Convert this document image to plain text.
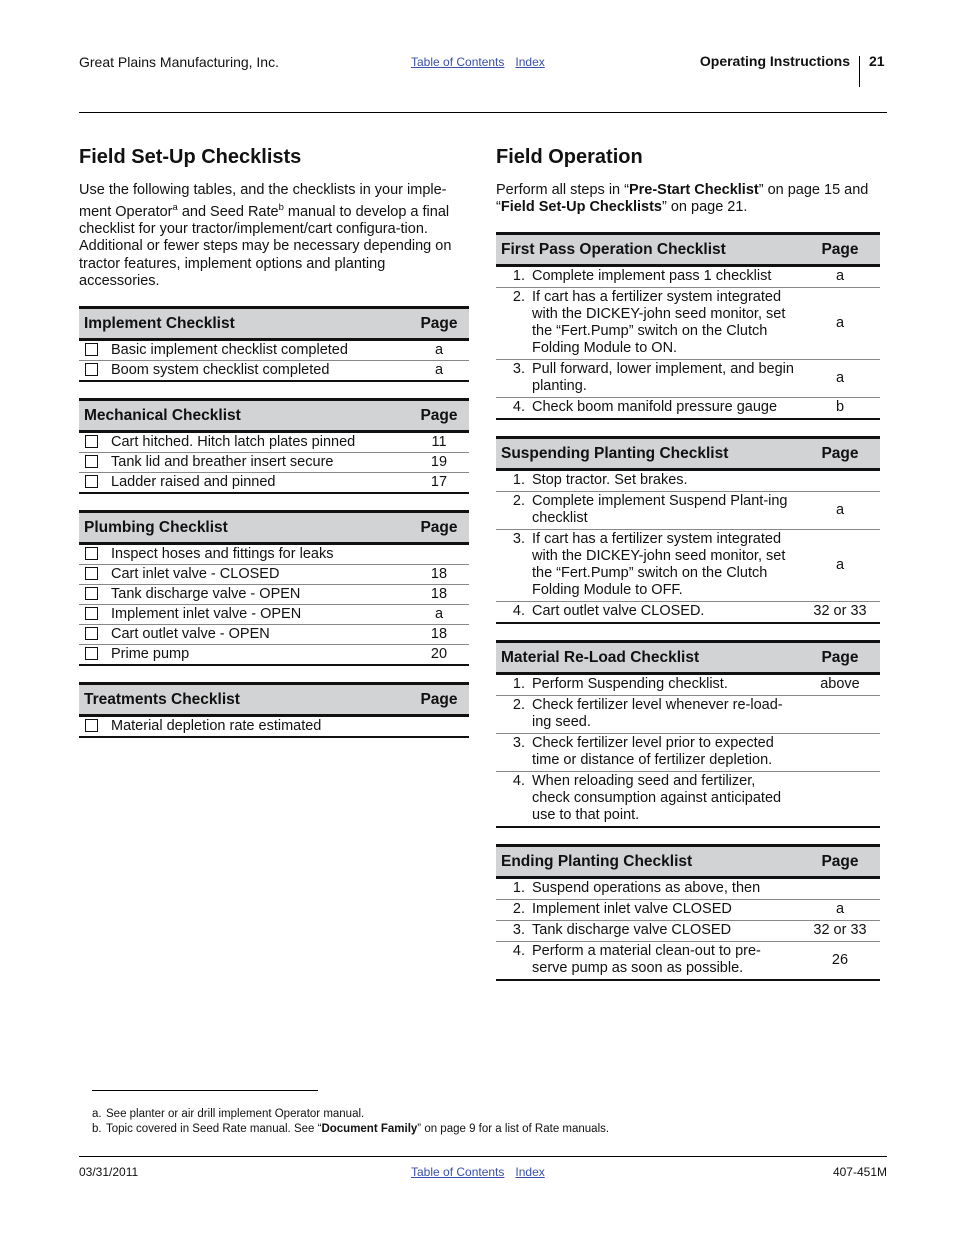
Great Plains Manufacturing, Inc.	Table of Contents Index	Operating Instructions 21
Field Set-Up Checklists

Use the following tables, and the checklists in your imple-ment Operator$^a$ and Seed Rate$^b$ manual to develop a final checklist for your tractor/implement/cart configura-tion. Additional or fewer steps may be necessary depending on tractor features, implement options and planting accessories.

Implement Checklist		Page
	Basic implement checklist completed	a
	Boom system checklist completed	a
Mechanical Checklist		Page
	Cart hitched. Hitch latch plates pinned	11
	Tank lid and breather insert secure	19
	Ladder raised and pinned	17
Plumbing Checklist		Page
	Inspect hoses and fittings for leaks	
	Cart inlet valve - CLOSED	18
	Tank discharge valve - OPEN	18
	Implement inlet valve - OPEN	a
	Cart outlet valve - OPEN	18
	Prime pump	20
Treatments Checklist		Page
	Material depletion rate estimated	
Field Operation

Perform all steps in “Pre-Start Checklist” on page 15 and “Field Set-Up Checklists” on page 21.

First Pass Operation Checklist		Page
1.	Complete implement pass 1 checklist	a
2.	If cart has a fertilizer system integrated with the DICKEY-john seed monitor, set the “Fert.Pump” switch on the Clutch Folding Module to ON.	a
3.	Pull forward, lower implement, and begin planting.	a
4.	Check boom manifold pressure gauge	b
Suspending Planting Checklist		Page
1.	Stop tractor. Set brakes.	
2.	Complete implement Suspend Plant-ing checklist	a
3.	If cart has a fertilizer system integrated with the DICKEY-john seed monitor, set the “Fert.Pump” switch on the Clutch Folding Module to OFF.	a
4.	Cart outlet valve CLOSED.	32 or 33
Material Re-Load Checklist		Page
1.	Perform Suspending checklist.	above
2.	Check fertilizer level whenever re-load-ing seed.	
3.	Check fertilizer level prior to expected time or distance of fertilizer depletion.	
4.	When reloading seed and fertilizer, check consumption against anticipated use to that point.	
Ending Planting Checklist		Page
1.	Suspend operations as above, then	
2.	Implement inlet valve CLOSED	a
3.	Tank discharge valve CLOSED	32 or 33
4.	Perform a material clean-out to pre-serve pump as soon as possible.	26
a. See planter or air drill implement Operator manual.
b. Topic covered in Seed Rate manual. See “Document Family” on page 9 for a list of Rate manuals.
03/31/2011	Table of Contents Index	407-451M
